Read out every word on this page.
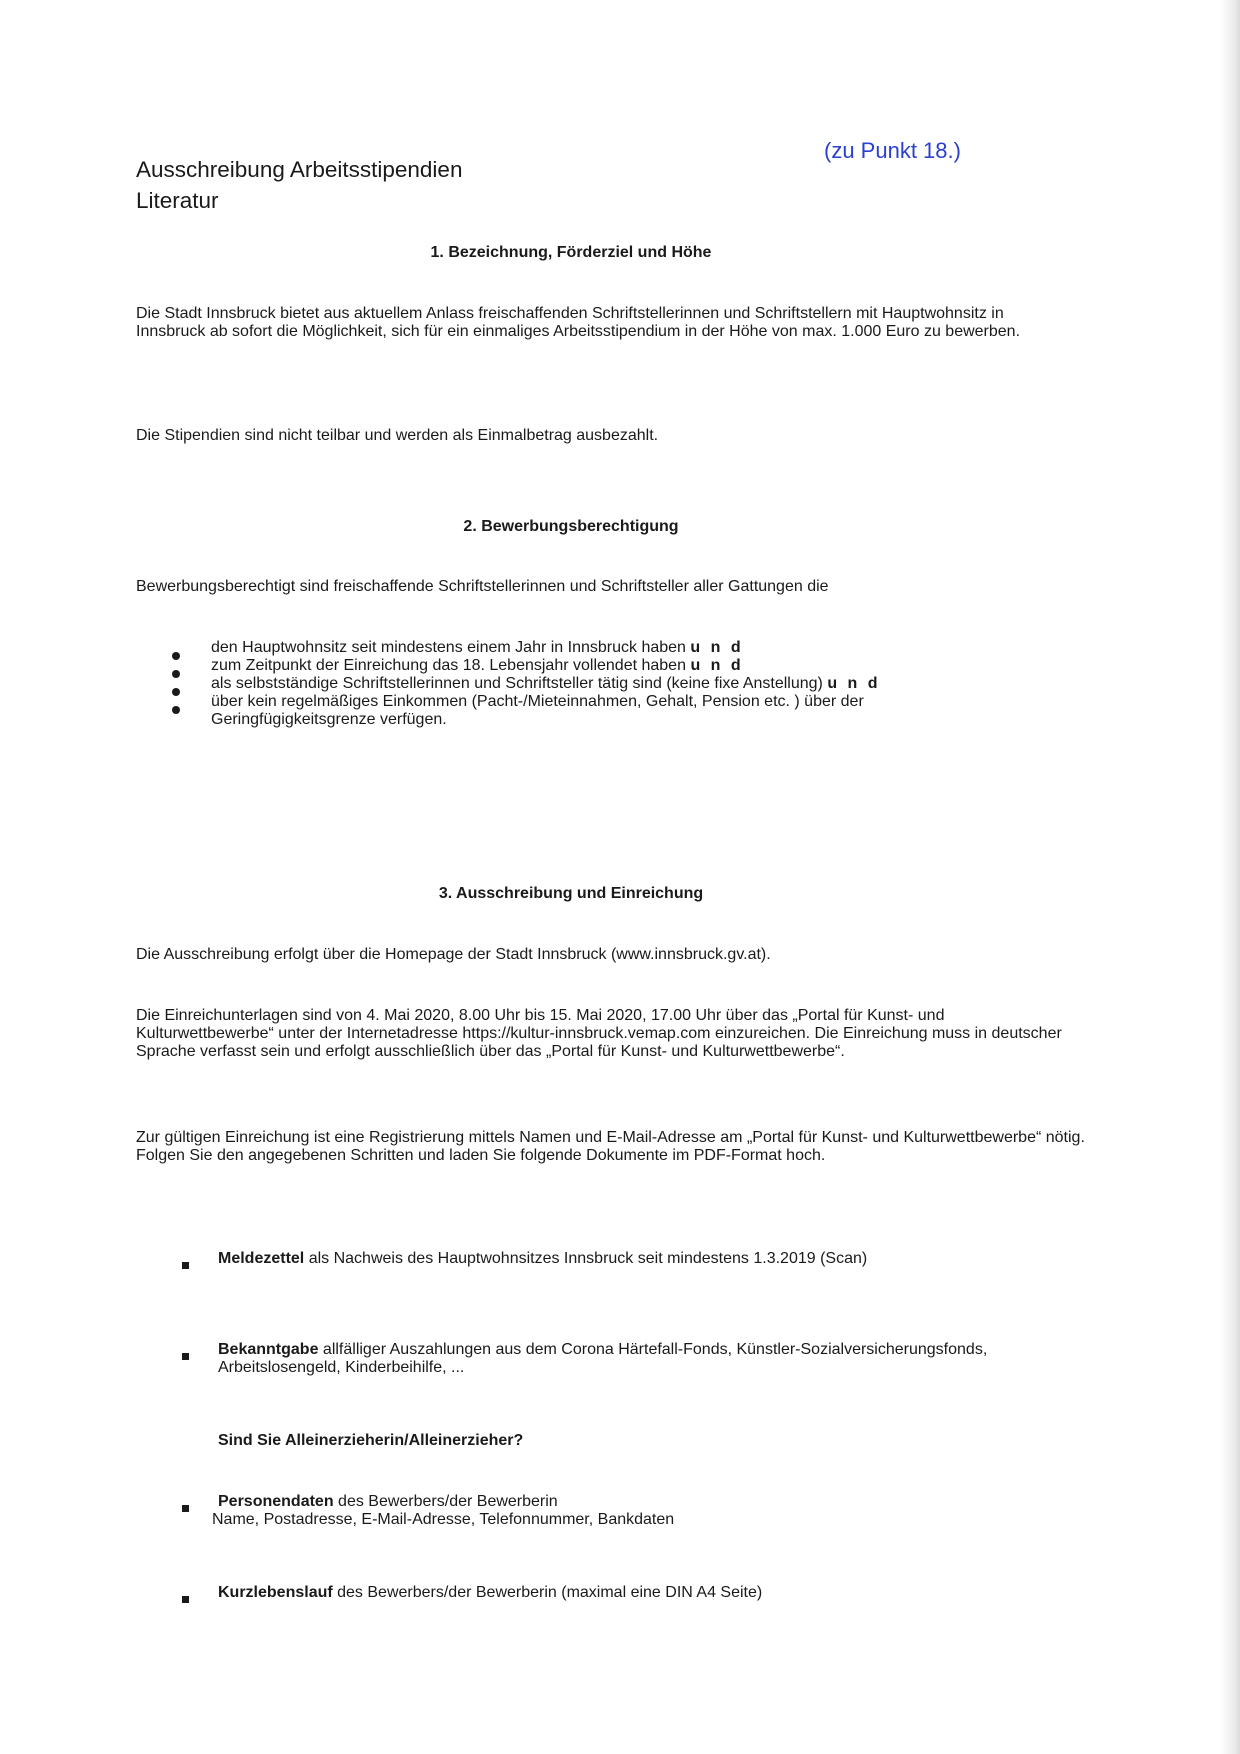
(zu Punkt 18.)
Ausschreibung Arbeitsstipendien
Literatur
1. Bezeichnung, Förderziel und Höhe
Die Stadt Innsbruck bietet aus aktuellem Anlass freischaffenden Schriftstellerinnen und Schriftstellern mit Hauptwohnsitz in Innsbruck ab sofort die Möglichkeit, sich für ein einmaliges Arbeitsstipendium in der Höhe von max. 1.000 Euro zu bewerben.
Die Stipendien sind nicht teilbar und werden als Einmalbetrag ausbezahlt.
2. Bewerbungsberechtigung
Bewerbungsberechtigt sind freischaffende Schriftstellerinnen und Schriftsteller aller Gattungen die
den Hauptwohnsitz seit mindestens einem Jahr in Innsbruck haben u n d
zum Zeitpunkt der Einreichung das 18. Lebensjahr vollendet haben u n d
als selbstständige Schriftstellerinnen und Schriftsteller tätig sind (keine fixe Anstellung) u n d
über kein regelmäßiges Einkommen (Pacht-/Mieteinnahmen, Gehalt, Pension etc. ) über der Geringfügigkeitsgrenze verfügen.
3. Ausschreibung und Einreichung
Die Ausschreibung erfolgt über die Homepage der Stadt Innsbruck (www.innsbruck.gv.at).
Die Einreichunterlagen sind von 4. Mai 2020, 8.00 Uhr bis 15. Mai 2020, 17.00 Uhr über das „Portal für Kunst- und Kulturwettbewerbe“ unter der Internetadresse https://kultur-innsbruck.vemap.com einzureichen. Die Einreichung muss in deutscher Sprache verfasst sein und erfolgt ausschließlich über das „Portal für Kunst- und Kulturwettbewerbe“.
Zur gültigen Einreichung ist eine Registrierung mittels Namen und E-Mail-Adresse am „Portal für Kunst- und Kulturwettbewerbe“ nötig. Folgen Sie den angegebenen Schritten und laden Sie folgende Dokumente im PDF-Format hoch.
Meldezettel als Nachweis des Hauptwohnsitzes Innsbruck seit mindestens 1.3.2019 (Scan)
Bekanntgabe allfälliger Auszahlungen aus dem Corona Härtefall-Fonds, Künstler-Sozialversicherungsfonds, Arbeitslosengeld, Kinderbeihilfe, ...
Sind Sie Alleinerzieherin/Alleinerzieher?
Personendaten des Bewerbers/der Bewerberin
Name, Postadresse, E-Mail-Adresse, Telefonnummer, Bankdaten
Kurzlebenslauf des Bewerbers/der Bewerberin (maximal eine DIN A4 Seite)
